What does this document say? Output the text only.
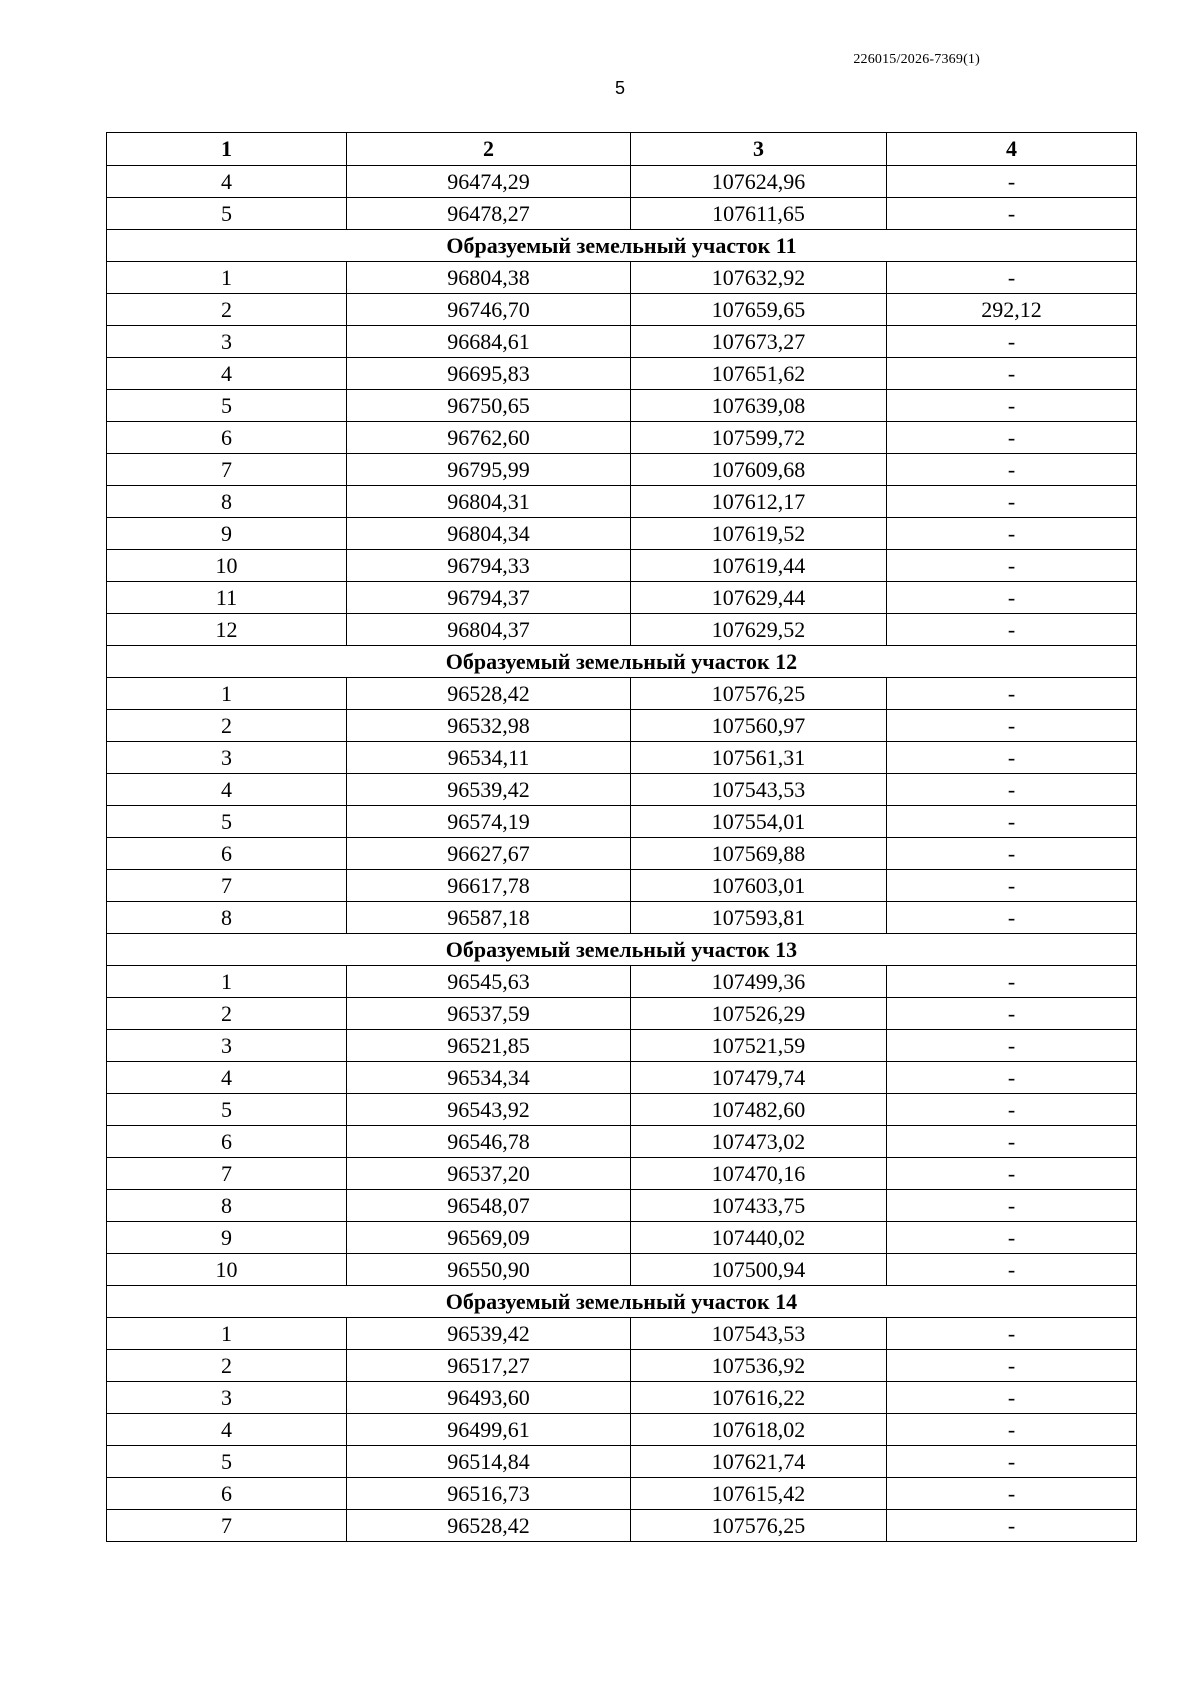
226015/2026-7369(1)
5
1	2	3	4
4	96474,29	107624,96	-
5	96478,27	107611,65	-
Образуемый земельный участок 11			
1	96804,38	107632,92	-
2	96746,70	107659,65	292,12
3	96684,61	107673,27	-
4	96695,83	107651,62	-
5	96750,65	107639,08	-
6	96762,60	107599,72	-
7	96795,99	107609,68	-
8	96804,31	107612,17	-
9	96804,34	107619,52	-
10	96794,33	107619,44	-
11	96794,37	107629,44	-
12	96804,37	107629,52	-
Образуемый земельный участок 12			
1	96528,42	107576,25	-
2	96532,98	107560,97	-
3	96534,11	107561,31	-
4	96539,42	107543,53	-
5	96574,19	107554,01	-
6	96627,67	107569,88	-
7	96617,78	107603,01	-
8	96587,18	107593,81	-
Образуемый земельный участок 13			
1	96545,63	107499,36	-
2	96537,59	107526,29	-
3	96521,85	107521,59	-
4	96534,34	107479,74	-
5	96543,92	107482,60	-
6	96546,78	107473,02	-
7	96537,20	107470,16	-
8	96548,07	107433,75	-
9	96569,09	107440,02	-
10	96550,90	107500,94	-
Образуемый земельный участок 14			
1	96539,42	107543,53	-
2	96517,27	107536,92	-
3	96493,60	107616,22	-
4	96499,61	107618,02	-
5	96514,84	107621,74	-
6	96516,73	107615,42	-
7	96528,42	107576,25	-
